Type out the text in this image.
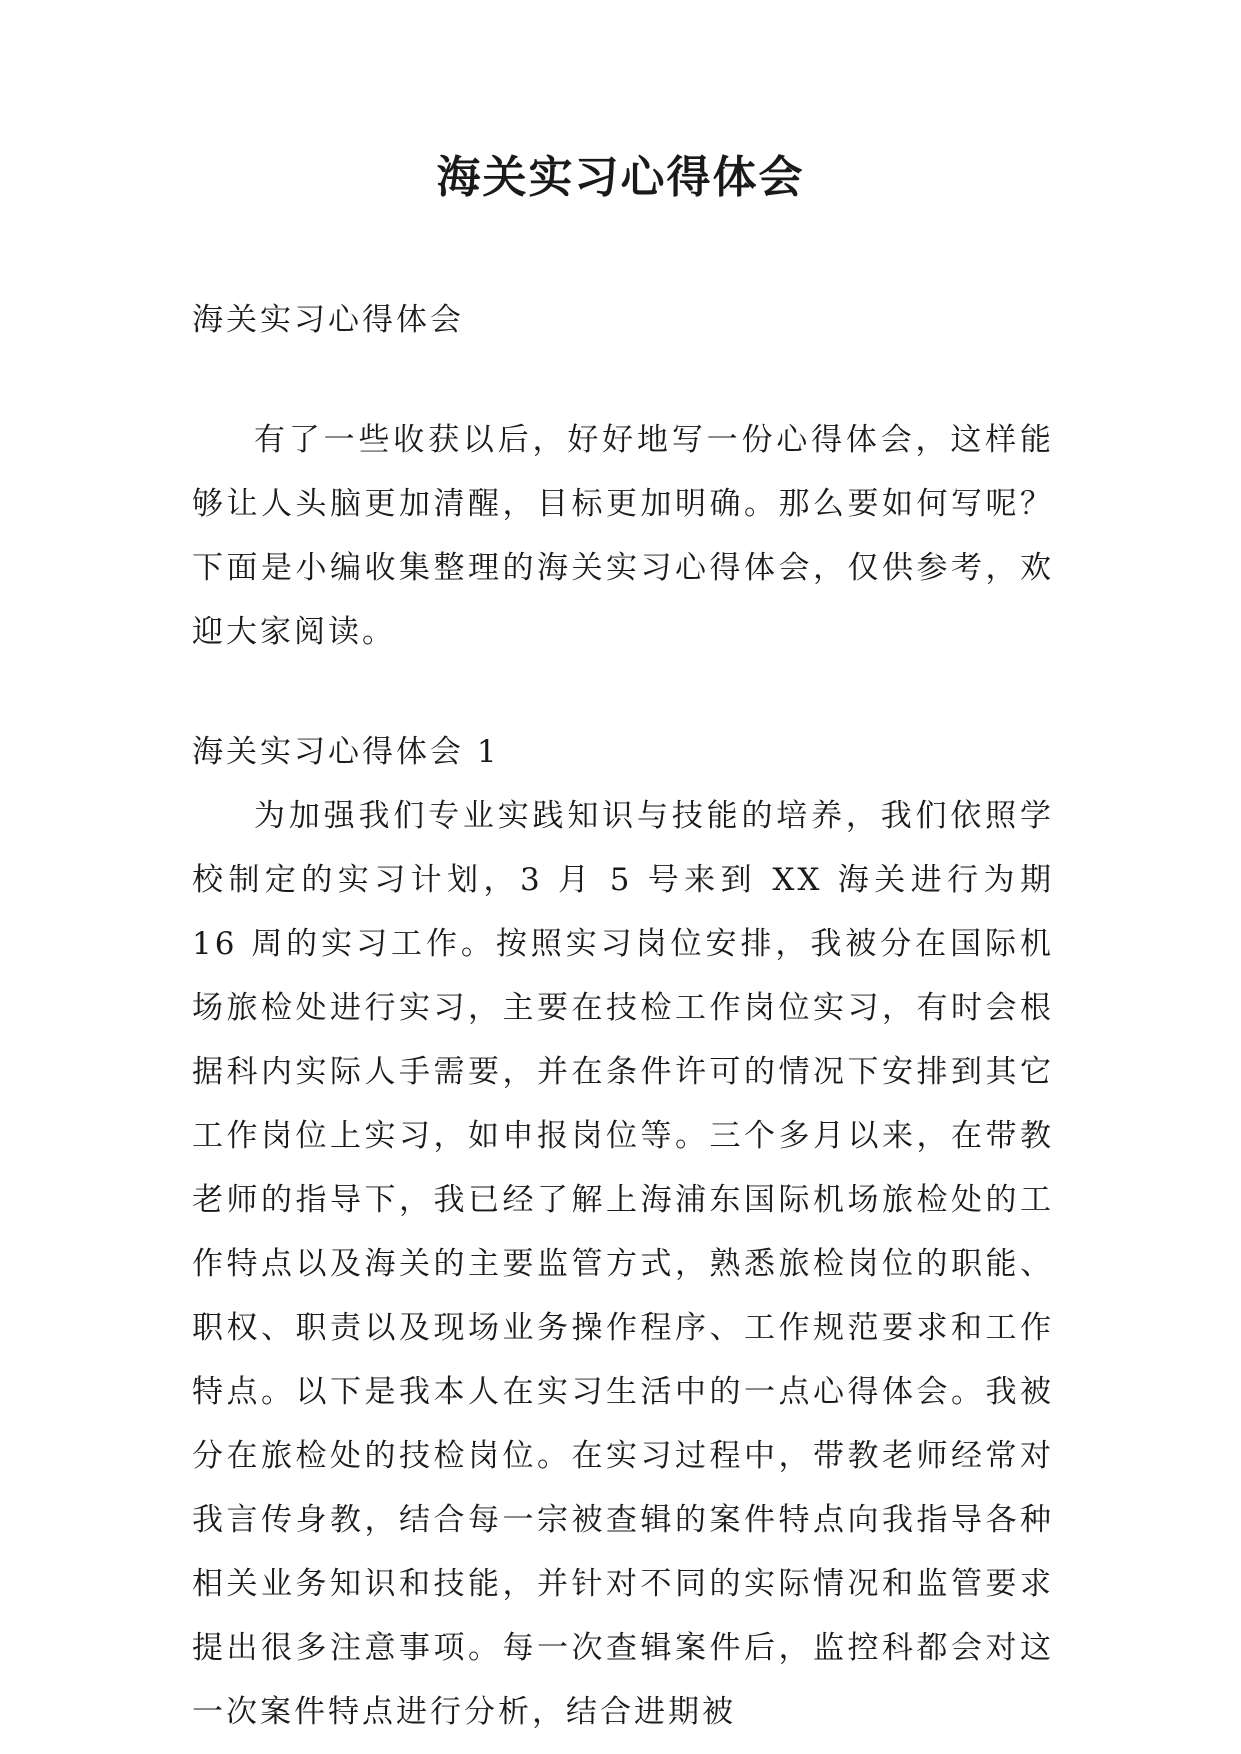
海关实习心得体会

海关实习心得体会

有了一些收获以后，好好地写一份心得体会，这样能够让人头脑更加清醒，目标更加明确。那么要如何写呢？下面是小编收集整理的海关实习心得体会，仅供参考，欢迎大家阅读。

海关实习心得体会 1

为加强我们专业实践知识与技能的培养，我们依照学校制定的实习计划，3 月 5 号来到 XX 海关进行为期 16 周的实习工作。按照实习岗位安排，我被分在国际机场旅检处进行实习，主要在技检工作岗位实习，有时会根据科内实际人手需要，并在条件许可的情况下安排到其它工作岗位上实习，如申报岗位等。三个多月以来，在带教老师的指导下，我已经了解上海浦东国际机场旅检处的工作特点以及海关的主要监管方式，熟悉旅检岗位的职能、职权、职责以及现场业务操作程序、工作规范要求和工作特点。以下是我本人在实习生活中的一点心得体会。我被分在旅检处的技检岗位。在实习过程中，带教老师经常对我言传身教，结合每一宗被查辑的案件特点向我指导各种相关业务知识和技能，并针对不同的实际情况和监管要求提出很多注意事项。每一次查辑案件后，监控科都会对这一次案件特点进行分析，结合进期被
